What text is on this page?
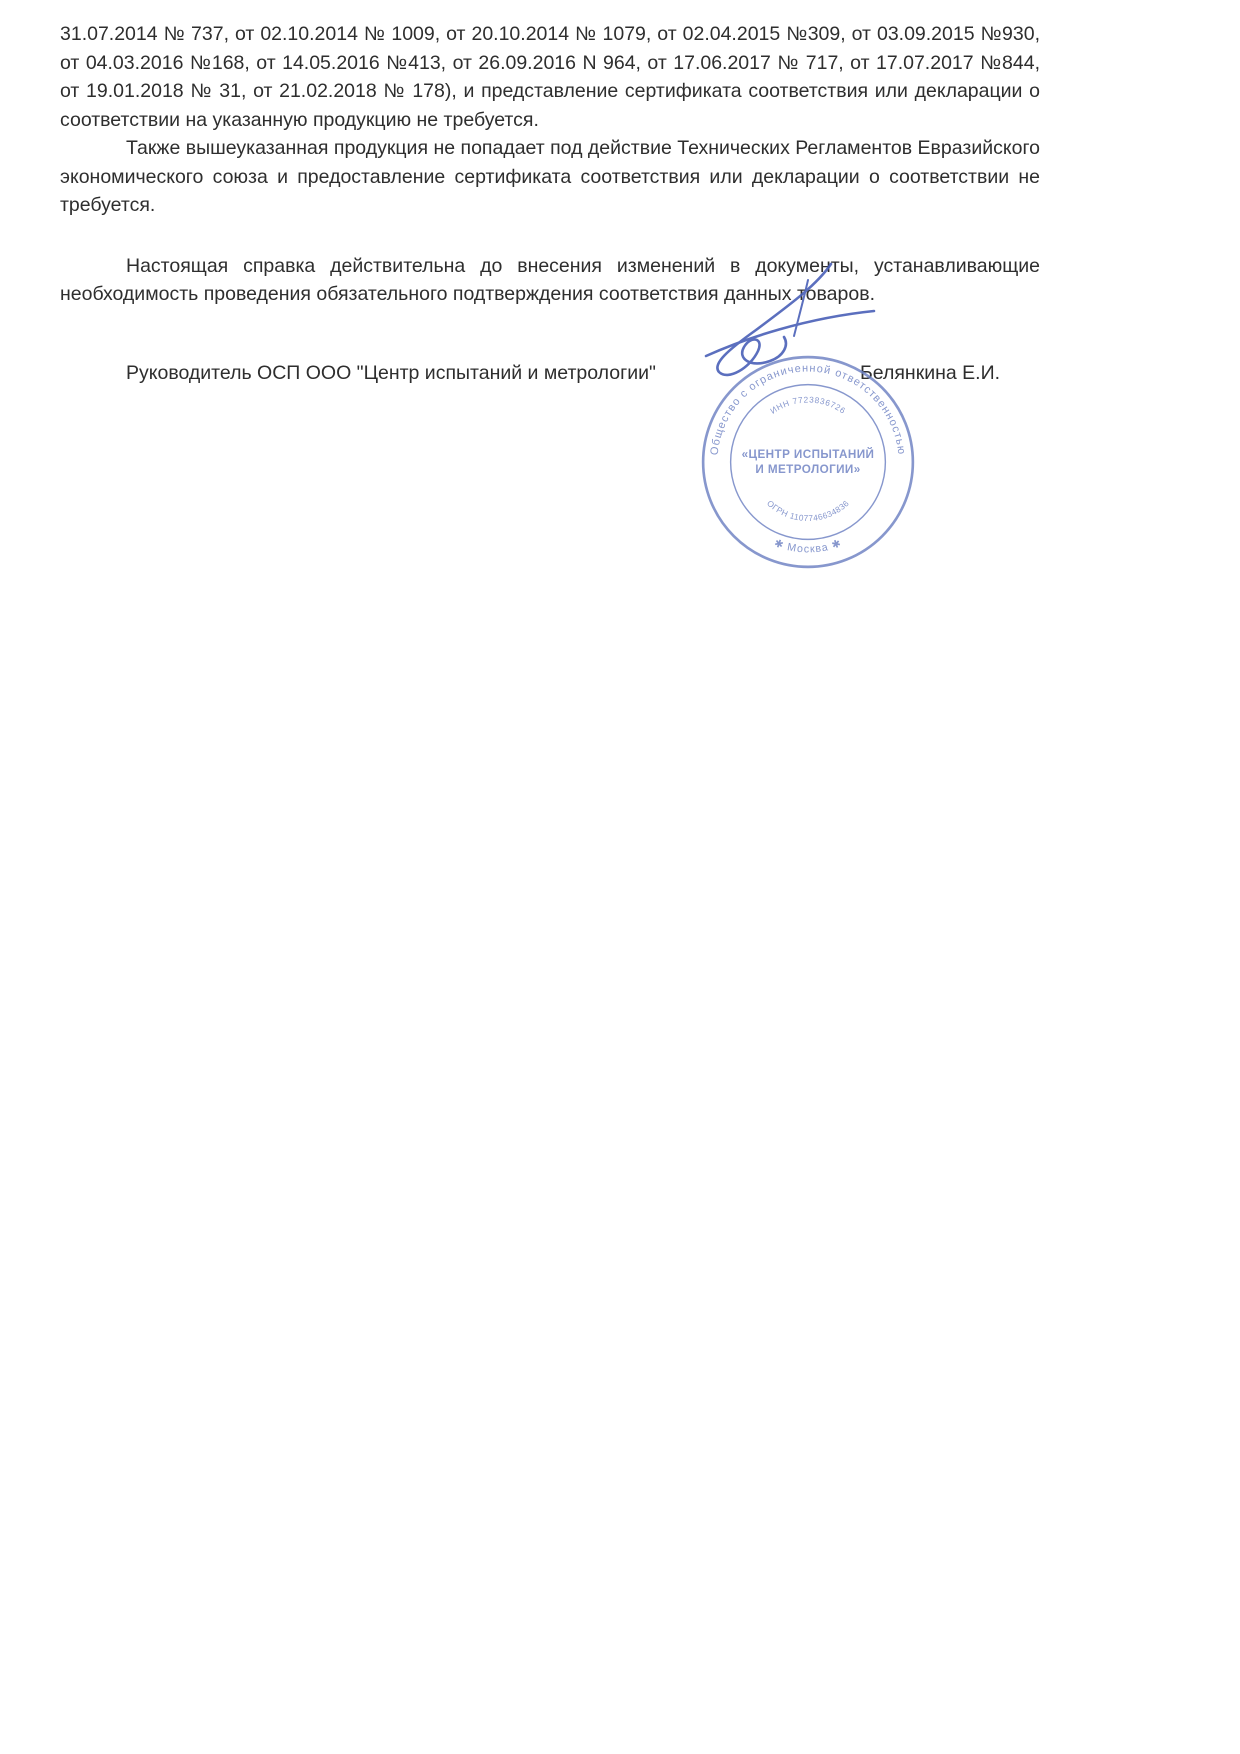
31.07.2014 № 737, от 02.10.2014 № 1009, от 20.10.2014 № 1079, от 02.04.2015 №309, от 03.09.2015 №930, от 04.03.2016 №168, от 14.05.2016 №413, от 26.09.2016 N 964, от 17.06.2017 № 717, от 17.07.2017 №844, от 19.01.2018 № 31, от 21.02.2018 № 178), и представление сертификата соответствия или декларации о соответствии на указанную продукцию не требуется.

Также вышеуказанная продукция не попадает под действие Технических Регламентов Евразийского экономического союза и предоставление сертификата соответствия или декларации о соответствии не требуется.

Настоящая справка действительна до внесения изменений в документы, устанавливающие необходимость проведения обязательного подтверждения соответствия данных товаров.

Руководитель ОСП ООО "Центр испытаний и метрологии"	Белянкина Е.И.
Общество с ограниченной ответственностью
✱ Москва ✱
ИНН 7723836726
«ЦЕНТР ИСПЫТАНИЙ
И МЕТРОЛОГИИ»
ОГРН 1107746634836
